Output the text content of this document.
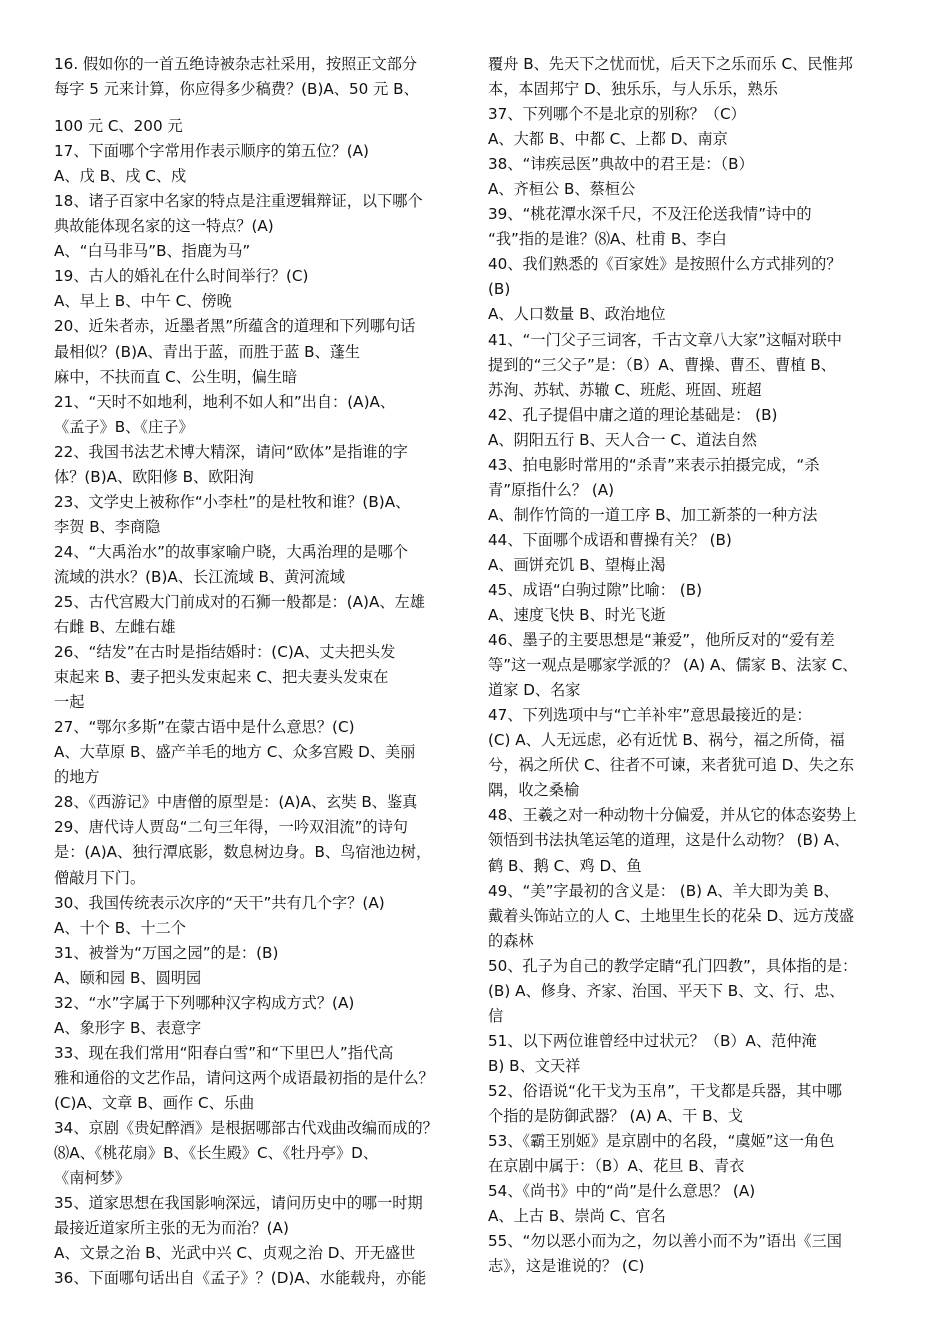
16. 假如你的一首五绝诗被杂志社采用，按照正文部分
每字 5 元来计算，你应得多少稿费？(B)A、50 元 B、
100 元 C、200 元
17、下面哪个字常用作表示顺序的第五位？(A)
A、戊 B、戌 C、戍
18、诸子百家中名家的特点是注重逻辑辩证，以下哪个
典故能体现名家的这一特点？(A)
A、“白马非马”B、指鹿为马”
19、古人的婚礼在什么时间举行？(C)
A、早上 B、中午 C、傍晚
20、近朱者赤，近墨者黑”所蕴含的道理和下列哪句话
最相似？(B)A、青出于蓝，而胜于蓝 B、蓬生
麻中，不扶而直 C、公生明，偏生暗
21、“天时不如地利，地利不如人和”出自：(A)A、
《孟子》B、《庄子》
22、我国书法艺术博大精深，请问“欧体”是指谁的字
体？(B)A、欧阳修 B、欧阳洵
23、文学史上被称作“小李杜”的是杜牧和谁？(B)A、
李贺 B、李商隐
24、“大禹治水”的故事家喻户晓，大禹治理的是哪个
流域的洪水？(B)A、长江流域 B、黄河流域
25、古代宫殿大门前成对的石狮一般都是：(A)A、左雄
右雌 B、左雌右雄
26、“结发”在古时是指结婚时：(C)A、丈夫把头发
束起来 B、妻子把头发束起来 C、把夫妻头发束在
一起
27、“鄂尔多斯”在蒙古语中是什么意思？(C)
A、大草原 B、盛产羊毛的地方 C、众多宫殿 D、美丽
的地方
28、《西游记》中唐僧的原型是：(A)A、玄奘 B、鉴真
29、唐代诗人贾岛“二句三年得，一吟双泪流”的诗句
是：(A)A、独行潭底影，数息树边身。B、鸟宿池边树，
僧敲月下门。
30、我国传统表示次序的“天干”共有几个字？(A)
A、十个 B、十二个
31、被誉为“万国之园”的是：(B)
A、颐和园 B、圆明园
32、“水”字属于下列哪种汉字构成方式？(A)
A、象形字 B、表意字
33、现在我们常用“阳春白雪”和“下里巴人”指代高
雅和通俗的文艺作品，请问这两个成语最初指的是什么？
(C)A、文章 B、画作 C、乐曲
34、京剧《贵妃醉酒》是根据哪部古代戏曲改编而成的？
⑻A、《桃花扇》B、《长生殿》C、《牡丹亭》D、
《南柯梦》
35、道家思想在我国影响深远，请问历史中的哪一时期
最接近道家所主张的无为而治？(A)
A、文景之治 B、光武中兴 C、贞观之治 D、开无盛世
36、下面哪句话出自《孟子》？(D)A、水能载舟，亦能
覆舟 B、先天下之忧而忧，后天下之乐而乐 C、民惟邦
本，本固邦宁 D、独乐乐，与人乐乐，熟乐
37、下列哪个不是北京的别称？（C）
A、大都 B、中都 C、上都 D、南京
38、“讳疾忌医”典故中的君王是：（B）
A、齐桓公 B、蔡桓公
39、“桃花潭水深千尺，不及汪伦送我情”诗中的
“我”指的是谁？⑻A、杜甫 B、李白
40、我们熟悉的《百家姓》是按照什么方式排列的？
(B)
A、人口数量 B、政治地位
41、“一门父子三词客，千古文章八大家”这幅对联中
提到的“三父子”是：（B）A、曹操、曹丕、曹植 B、
苏洵、苏轼、苏辙 C、班彪、班固、班超
42、孔子提倡中庸之道的理论基础是： (B)
A、阴阳五行 B、天人合一 C、道法自然
43、拍电影时常用的“杀青”来表示拍摄完成，“杀
青”原指什么？ (A)
A、制作竹筒的一道工序 B、加工新茶的一种方法
44、下面哪个成语和曹操有关？ (B)
A、画饼充饥 B、望梅止渴
45、成语“白驹过隙”比喻： (B)
A、速度飞快 B、时光飞逝
46、墨子的主要思想是“兼爱”，他所反对的“爱有差
等”这一观点是哪家学派的？ (A) A、儒家 B、法家 C、
道家 D、名家
47、下列选项中与“亡羊补牢”意思最接近的是：
(C) A、人无远虑，必有近忧 B、祸兮，福之所倚，福
兮，祸之所伏 C、往者不可谏，来者犹可追 D、失之东
隅，收之桑榆
48、王羲之对一种动物十分偏爱，并从它的体态姿势上
领悟到书法执笔运笔的道理，这是什么动物？ (B) A、
鹤 B、鹅 C、鸡 D、鱼
49、“美”字最初的含义是： (B) A、羊大即为美 B、
戴着头饰站立的人 C、土地里生长的花朵 D、远方茂盛
的森林
50、孔子为自己的教学定睛“孔门四教”，具体指的是：
(B) A、修身、齐家、治国、平天下 B、文、行、忠、
信
51、以下两位谁曾经中过状元？（B）A、范仲淹
B) B、文天祥
52、俗语说“化干戈为玉帛”，干戈都是兵器，其中哪
个指的是防御武器？ (A) A、干 B、戈
53、《霸王别姬》是京剧中的名段，“虞姬”这一角色
在京剧中属于：（B）A、花旦 B、青衣
54、《尚书》中的“尚”是什么意思？ (A)
A、上古 B、崇尚 C、官名
55、“勿以恶小而为之，勿以善小而不为”语出《三国
志》，这是谁说的？ (C)
